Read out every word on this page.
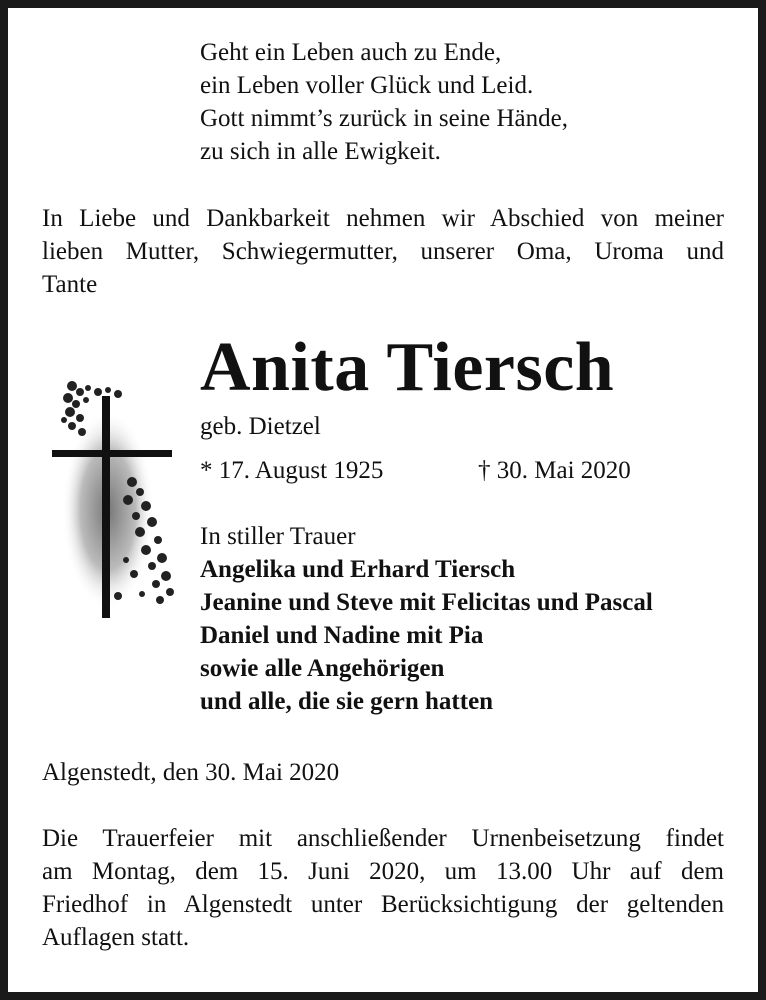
Geht ein Leben auch zu Ende,
ein Leben voller Glück und Leid.
Gott nimmt’s zurück in seine Hände,
zu sich in alle Ewigkeit.
In Liebe und Dankbarkeit nehmen wir Abschied von meiner
lieben Mutter, Schwiegermutter, unserer Oma, Uroma und
Tante
Anita Tiersch
geb. Dietzel
* 17. August 1925	† 30. Mai 2020
In stiller Trauer
Angelika und Erhard Tiersch
Jeanine und Steve mit Felicitas und Pascal
Daniel und Nadine mit Pia
sowie alle Angehörigen
und alle, die sie gern hatten
Algenstedt, den 30. Mai 2020
Die Trauerfeier mit anschließender Urnenbeisetzung findet
am Montag, dem 15. Juni 2020, um 13.00 Uhr auf dem
Friedhof in Algenstedt unter Berücksichtigung der geltenden
Auflagen statt.
